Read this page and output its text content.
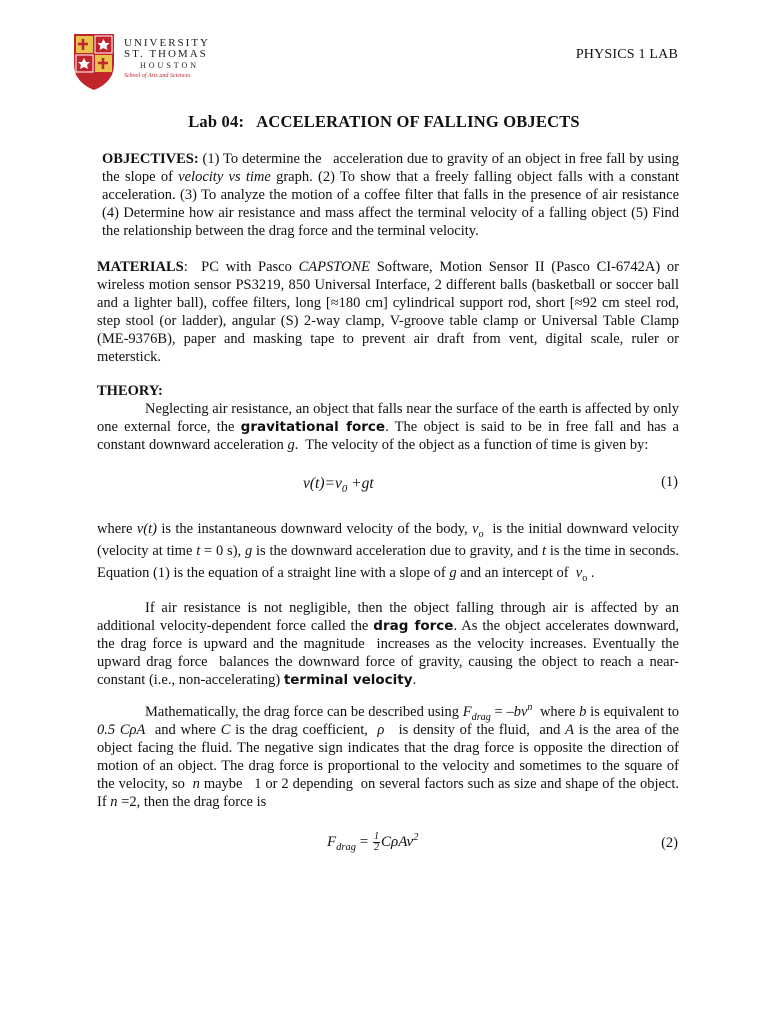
UNIVERSITY
ST. THOMAS
HOUSTON
School of Arts and Sciences
PHYSICS 1 LAB
Lab 04:   ACCELERATION OF FALLING OBJECTS
OBJECTIVES: (1) To determine the   acceleration due to gravity of an object in free fall by using the slope of velocity vs time graph. (2) To show that a freely falling object falls with a constant acceleration. (3) To analyze the motion of a coffee filter that falls in the presence of air resistance (4) Determine how air resistance and mass affect the terminal velocity of a falling object (5) Find the relationship between the drag force and the terminal velocity.
MATERIALS:  PC with Pasco CAPSTONE Software, Motion Sensor II (Pasco CI-6742A) or wireless motion sensor PS3219, 850 Universal Interface, 2 different balls (basketball or soccer ball and a lighter ball), coffee filters, long [≈180 cm] cylindrical support rod, short [≈92 cm steel rod, step stool (or ladder), angular (S) 2-way clamp, V-groove table clamp or Universal Table Clamp (ME-9376B), paper and masking tape to prevent air draft from vent, digital scale, ruler or meterstick.
THEORY:
Neglecting air resistance, an object that falls near the surface of the earth is affected by only one external force, the gravitational force. The object is said to be in free fall and has a constant downward acceleration g.  The velocity of the object as a function of time is given by:
$v(t)=v_0 +gt$	(1)
where v(t) is the instantaneous downward velocity of the body, $v_o$  is the initial downward velocity (velocity at time t = 0 s), g is the downward acceleration due to gravity, and t is the time in seconds.  Equation (1) is the equation of a straight line with a slope of g and an intercept of  $v_o$ .
If air resistance is not negligible, then the object falling through air is affected by an additional velocity-dependent force called the drag force. As the object accelerates downward, the drag force is upward and the magnitude  increases as the velocity increases. Eventually the upward drag force  balances the downward force of gravity, causing the object to reach a near-constant (i.e., non-accelerating) terminal velocity.
Mathematically, the drag force can be described using $F_{drag} = -bv^n$  where b is equivalent to 0.5 CρA  and where C is the drag coefficient,  ρ   is density of the fluid,  and A is the area of the object facing the fluid. The negative sign indicates that the drag force is opposite the direction of  motion of an object. The drag force is proportional to the velocity and sometimes to the square of the velocity, so  n maybe   1 or 2 depending  on several factors such as size and shape of the object.  If n =2, then the drag force is
$F_{drag} = \frac{1}{2} C\rho Av^2$	(2)
